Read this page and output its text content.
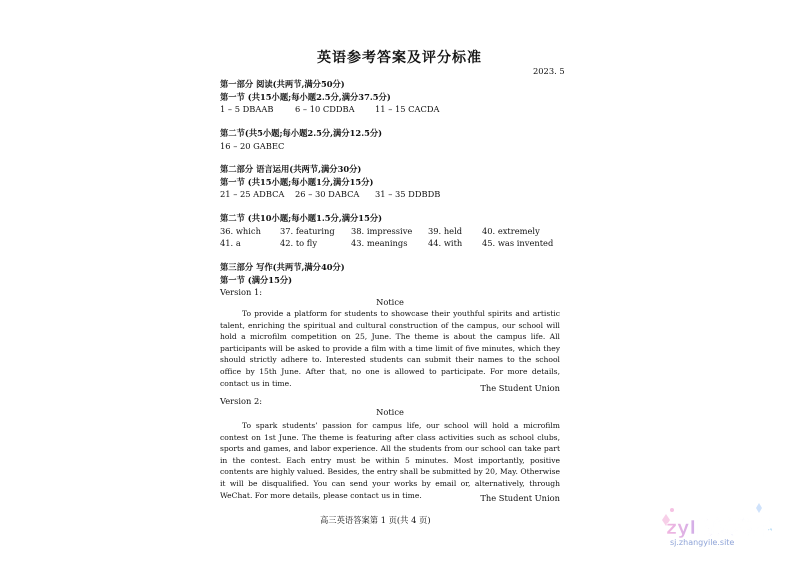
英语参考答案及评分标准
2023. 5
第一部分 阅读(共两节,满分50分)
第一节 (共15小题;每小题2.5分,满分37.5分)
1 – 5 DBAAB	6 – 10 CDDBA 11 – 15 CACDA
第二节(共5小题;每小题2.5分,满分12.5分)
16 – 20 GABEC
第二部分 语言运用(共两节,满分30分)
第一节 (共15小题;每小题1分,满分15分)
21 – 25 ADBCA 26 – 30 DABCA 31 – 35 DDBDB
第二节 (共10小题;每小题1.5分,满分15分)
36. which 37. featuring 38. impressive 39. held 40. extremely
41. a	42. to fly	43. meanings 44. with 45. was invented
第三部分 写作(共两节,满分40分)
第一节 (满分15分)
Version 1:
Notice
To provide a platform for students to showcase their youthful spirits and artistic talent, enriching the spiritual and cultural construction of the campus, our school will hold a microfilm competition on 25, June. The theme is about the campus life. All participants will be asked to provide a film with a time limit of five minutes, which they should strictly adhere to. Interested students can submit their names to the school office by 15th June. After that, no one is allowed to participate. For more details, contact us in time.	The Student Union
Version 2:
Notice
To spark students’ passion for campus life, our school will hold a microfilm contest on 1st June. The theme is featuring after class activities such as school clubs, sports and games, and labor experience. All the students from our school can take part in the contest. Each entry must be within 5 minutes. Most importantly, positive contents are highly valued. Besides, the entry shall be submitted by 20, May. Otherwise it will be disqualified. You can send your works by email or, alternatively, through WeChat. For more details, please contact us in time.	The Student Union
高三英语答案第 1 页(共 4 页)	zyl的试卷库
sj.zhangyile.site
